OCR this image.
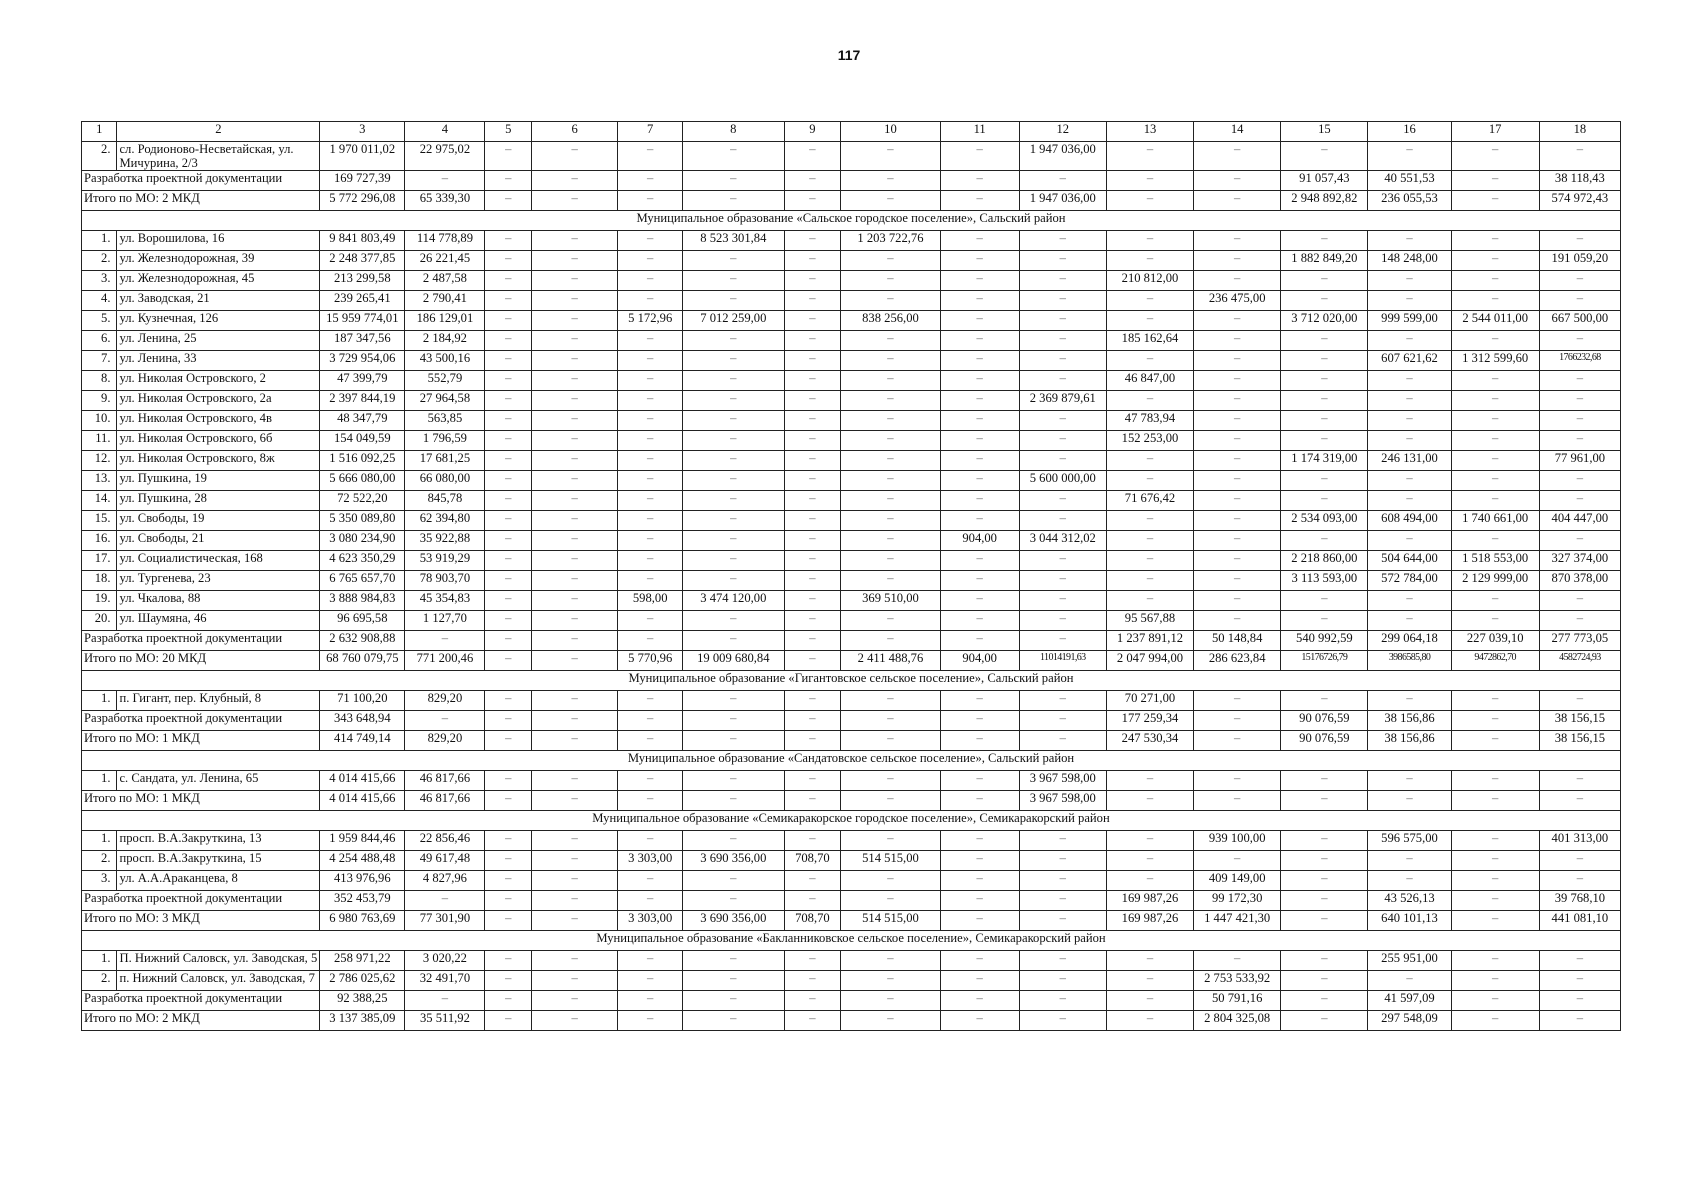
117
1	2	3	4	5	6	7	8	9	10	11	12	13	14	15	16	17	18
2.	сл. Родионово-Несветайская, ул. Мичурина, 2/3	1 970 011,02	22 975,02	–	–	–	–	–	–	–	1 947 036,00	–	–	–	–	–	–
Разработка проектной документации		169 727,39	–	–	–	–	–	–	–	–	–	–	–	91 057,43	40 551,53	–	38 118,43
Итого по МО: 2 МКД		5 772 296,08	65 339,30	–	–	–	–	–	–	–	1 947 036,00	–	–	2 948 892,82	236 055,53	–	574 972,43
Муниципальное образование «Сальское городское поселение», Сальский район																	
1.	ул. Ворошилова, 16	9 841 803,49	114 778,89	–	–	–	8 523 301,84	–	1 203 722,76	–	–	–	–	–	–	–	–
2.	ул. Железнодорожная, 39	2 248 377,85	26 221,45	–	–	–	–	–	–	–	–	–	–	1 882 849,20	148 248,00	–	191 059,20
3.	ул. Железнодорожная, 45	213 299,58	2 487,58	–	–	–	–	–	–	–	–	210 812,00	–	–	–	–	–
4.	ул. Заводская, 21	239 265,41	2 790,41	–	–	–	–	–	–	–	–	–	236 475,00	–	–	–	–
5.	ул. Кузнечная, 126	15 959 774,01	186 129,01	–	–	5 172,96	7 012 259,00	–	838 256,00	–	–	–	–	3 712 020,00	999 599,00	2 544 011,00	667 500,00
6.	ул. Ленина, 25	187 347,56	2 184,92	–	–	–	–	–	–	–	–	185 162,64	–	–	–	–	–
7.	ул. Ленина, 33	3 729 954,06	43 500,16	–	–	–	–	–	–	–	–	–	–	–	607 621,62	1 312 599,60	1766232,68
8.	ул. Николая Островского, 2	47 399,79	552,79	–	–	–	–	–	–	–	–	46 847,00	–	–	–	–	–
9.	ул. Николая Островского, 2а	2 397 844,19	27 964,58	–	–	–	–	–	–	–	2 369 879,61	–	–	–	–	–	–
10.	ул. Николая Островского, 4в	48 347,79	563,85	–	–	–	–	–	–	–	–	47 783,94	–	–	–	–	–
11.	ул. Николая Островского, 6б	154 049,59	1 796,59	–	–	–	–	–	–	–	–	152 253,00	–	–	–	–	–
12.	ул. Николая Островского, 8ж	1 516 092,25	17 681,25	–	–	–	–	–	–	–	–	–	–	1 174 319,00	246 131,00	–	77 961,00
13.	ул. Пушкина, 19	5 666 080,00	66 080,00	–	–	–	–	–	–	–	5 600 000,00	–	–	–	–	–	–
14.	ул. Пушкина, 28	72 522,20	845,78	–	–	–	–	–	–	–	–	71 676,42	–	–	–	–	–
15.	ул. Свободы, 19	5 350 089,80	62 394,80	–	–	–	–	–	–	–	–	–	–	2 534 093,00	608 494,00	1 740 661,00	404 447,00
16.	ул. Свободы, 21	3 080 234,90	35 922,88	–	–	–	–	–	–	904,00	3 044 312,02	–	–	–	–	–	–
17.	ул. Социалистическая, 168	4 623 350,29	53 919,29	–	–	–	–	–	–	–	–	–	–	2 218 860,00	504 644,00	1 518 553,00	327 374,00
18.	ул. Тургенева, 23	6 765 657,70	78 903,70	–	–	–	–	–	–	–	–	–	–	3 113 593,00	572 784,00	2 129 999,00	870 378,00
19.	ул. Чкалова, 88	3 888 984,83	45 354,83	–	–	598,00	3 474 120,00	–	369 510,00	–	–	–	–	–	–	–	–
20.	ул. Шаумяна, 46	96 695,58	1 127,70	–	–	–	–	–	–	–	–	95 567,88	–	–	–	–	–
Разработка проектной документации		2 632 908,88	–	–	–	–	–	–	–	–	–	1 237 891,12	50 148,84	540 992,59	299 064,18	227 039,10	277 773,05
Итого по МО: 20 МКД		68 760 079,75	771 200,46	–	–	5 770,96	19 009 680,84	–	2 411 488,76	904,00	11014191,63	2 047 994,00	286 623,84	15176726,79	3986585,80	9472862,70	4582724,93
Муниципальное образование «Гигантовское сельское поселение», Сальский район																	
1.	п. Гигант, пер. Клубный, 8	71 100,20	829,20	–	–	–	–	–	–	–	–	70 271,00	–	–	–	–	–
Разработка проектной документации		343 648,94	–	–	–	–	–	–	–	–	–	177 259,34	–	90 076,59	38 156,86	–	38 156,15
Итого по МО: 1 МКД		414 749,14	829,20	–	–	–	–	–	–	–	–	247 530,34	–	90 076,59	38 156,86	–	38 156,15
Муниципальное образование «Сандатовское сельское поселение», Сальский район																	
1.	с. Сандата, ул. Ленина, 65	4 014 415,66	46 817,66	–	–	–	–	–	–	–	3 967 598,00	–	–	–	–	–	–
Итого по МО: 1 МКД		4 014 415,66	46 817,66	–	–	–	–	–	–	–	3 967 598,00	–	–	–	–	–	–
Муниципальное образование «Семикаракорское городское поселение», Семикаракорский район																	
1.	просп. В.А.Закруткина, 13	1 959 844,46	22 856,46	–	–	–	–	–	–	–	–	–	939 100,00	–	596 575,00	–	401 313,00
2.	просп. В.А.Закруткина, 15	4 254 488,48	49 617,48	–	–	3 303,00	3 690 356,00	708,70	514 515,00	–	–	–	–	–	–	–	–
3.	ул. А.А.Араканцева, 8	413 976,96	4 827,96	–	–	–	–	–	–	–	–	–	409 149,00	–	–	–	–
Разработка проектной документации		352 453,79	–	–	–	–	–	–	–	–	–	169 987,26	99 172,30	–	43 526,13	–	39 768,10
Итого по МО: 3 МКД		6 980 763,69	77 301,90	–	–	3 303,00	3 690 356,00	708,70	514 515,00	–	–	169 987,26	1 447 421,30	–	640 101,13	–	441 081,10
Муниципальное образование «Бакланниковское сельское поселение», Семикаракорский район																	
1.	П. Нижний Саловск, ул. Заводская, 5	258 971,22	3 020,22	–	–	–	–	–	–	–	–	–	–	–	255 951,00	–	–
2.	п. Нижний Саловск, ул. Заводская, 7	2 786 025,62	32 491,70	–	–	–	–	–	–	–	–	–	2 753 533,92	–	–	–	–
Разработка проектной документации		92 388,25	–	–	–	–	–	–	–	–	–	–	50 791,16	–	41 597,09	–	–
Итого по МО: 2 МКД		3 137 385,09	35 511,92	–	–	–	–	–	–	–	–	–	2 804 325,08	–	297 548,09	–	–
